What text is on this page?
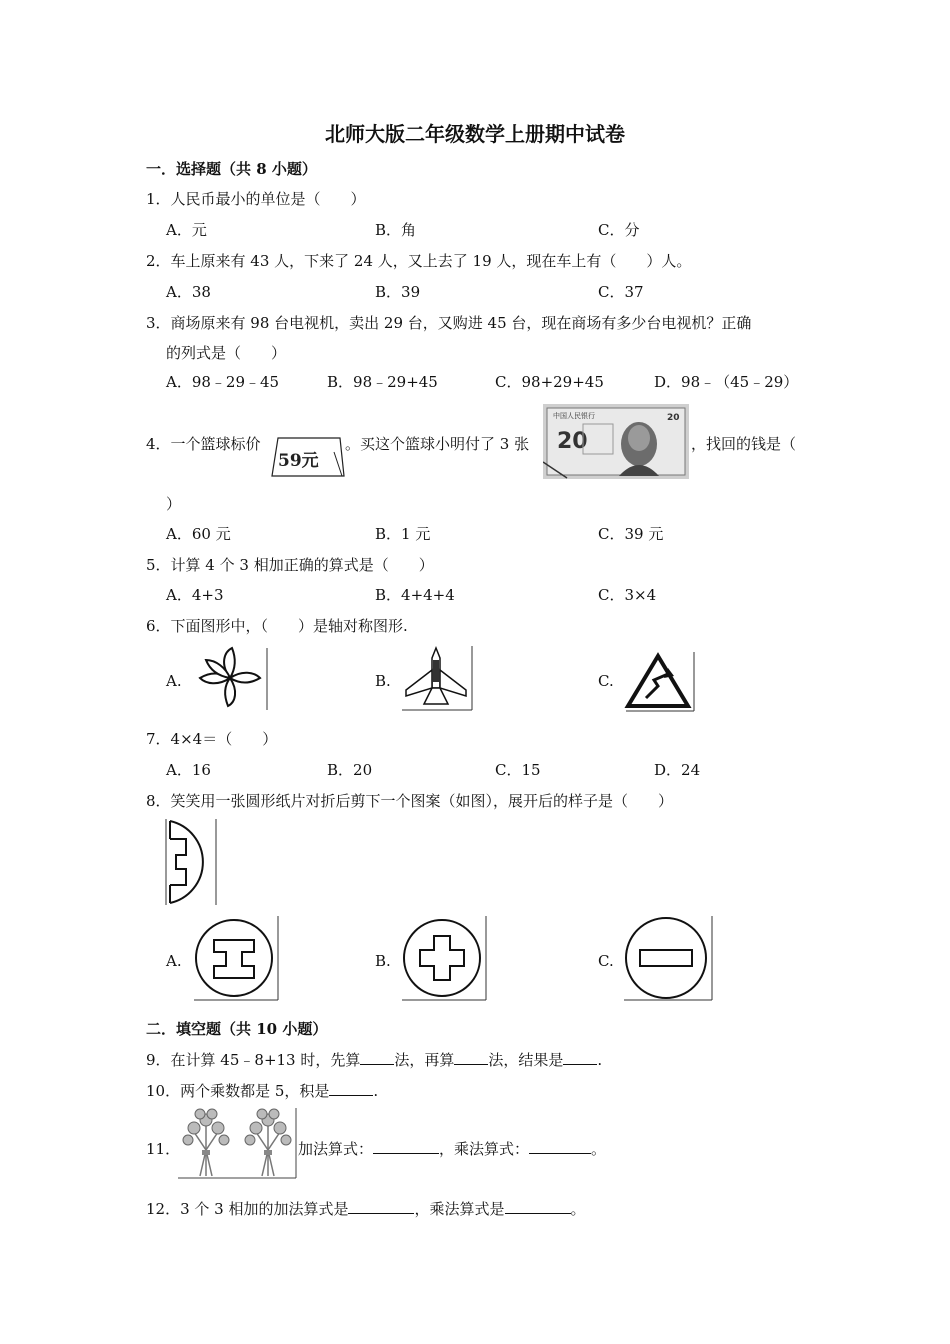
北师大版二年级数学上册期中试卷
一．选择题（共 8 小题）
1．人民币最小的单位是（　　）
A．元	B．角	C．分
2．车上原来有 43 人，下来了 24 人，又上去了 19 人，现在车上有（　　）人。
A．38	B．39	C．37
3．商场原来有 98 台电视机，卖出 29 台，又购进 45 台，现在商场有多少台电视机？正确
的列式是（　　）
A．98﹣29﹣45	B．98﹣29+45	C．98+29+45	D．98﹣（45﹣29）
4．一个篮球标价
59元
。买这个篮球小明付了 3 张
中国人民银行
20
20
，找回的钱是（
）
A．60 元	B．1 元	C．39 元
5．计算 4 个 3 相加正确的算式是（　　）
A．4+3	B．4+4+4	C．3×4
6．下面图形中，（　　）是轴对称图形.
A.	B.	C.
7．4×4＝（　　）
A．16	B．20	C．15	D．24
8．笑笑用一张圆形纸片对折后剪下一个图案（如图），展开后的样子是（　　）
A.	B.	C.
二．填空题（共 10 小题）
9．在计算 45﹣8+13 时，先算 法，再算 法，结果是 .
10．两个乘数都是 5，积是	.
11．	加法算式：	，乘法算式：	。
12．3 个 3 相加的加法算式是	，乘法算式是	。
